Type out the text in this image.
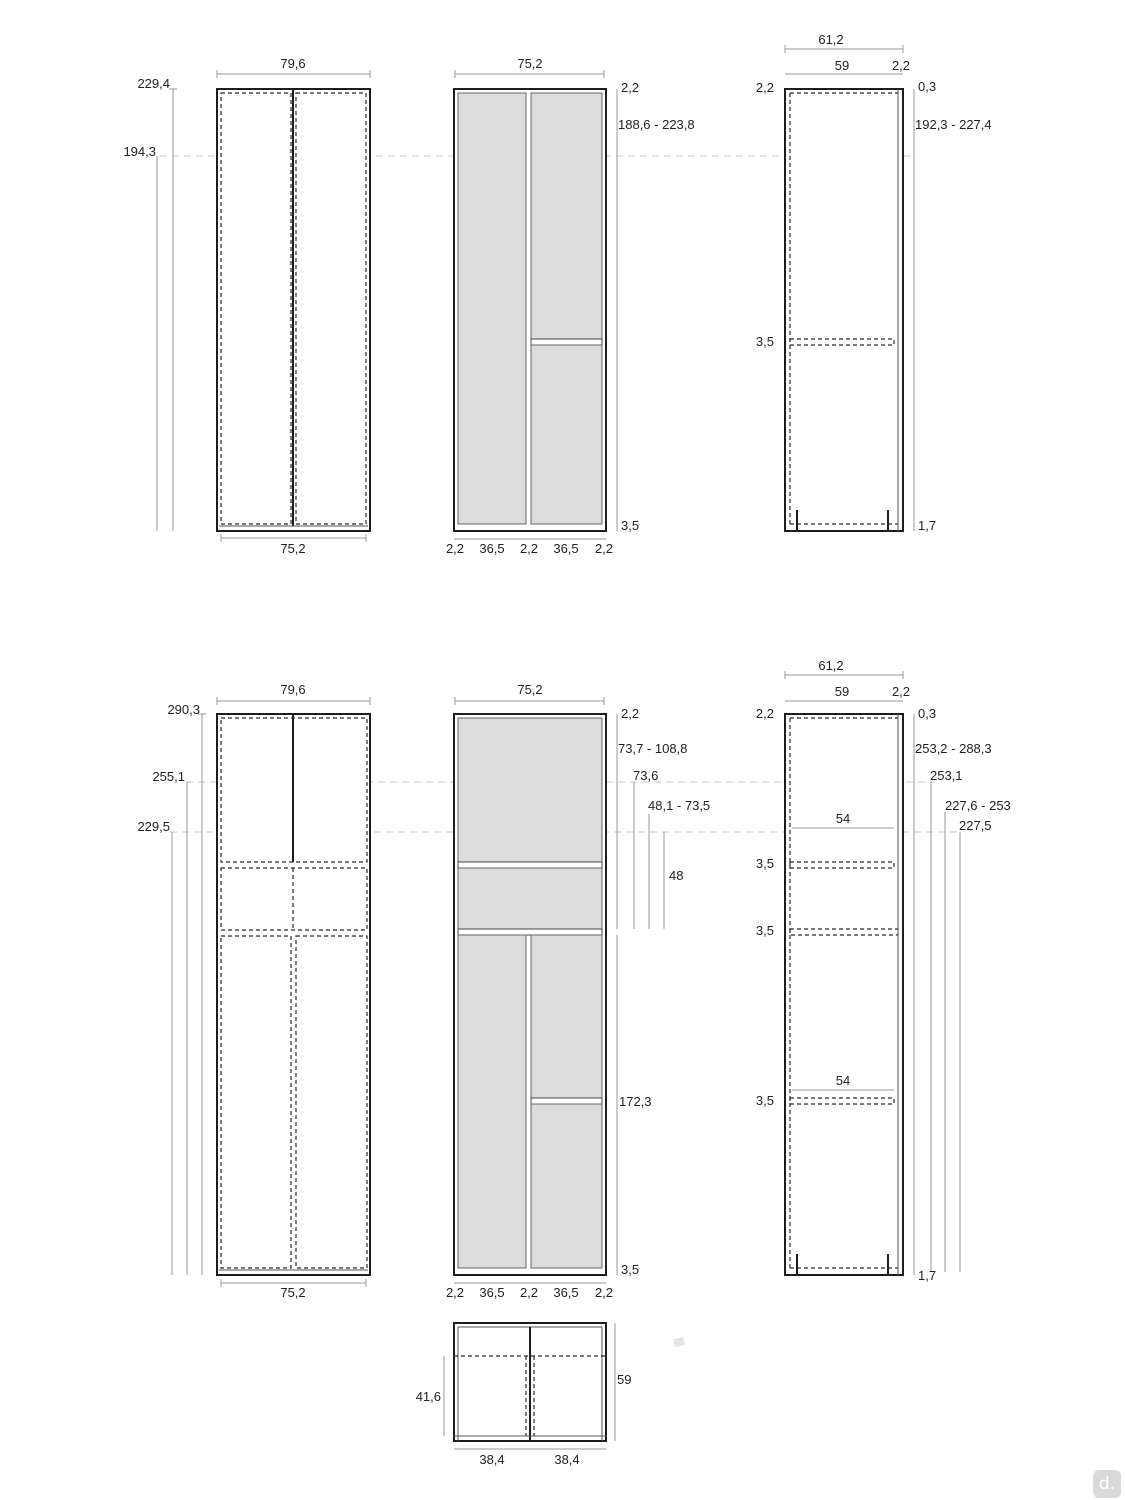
79,6
229,4
194,3
75,2
75,2
2,2
188,6 - 223,8
3,5
2,2 36,5 2,2 36,5 2,2
61,2
59	2,2
2,2	0,3
192,3 - 227,4
3,5
1,7
79,6
290,3
255,1
229,5
75,2
75,2
2,2
73,7 - 108,8
73,6
48,1 - 73,5
48
172,3
3,5
2,2 36,5 2,2 36,5 2,2
61,2
59	2,2
54
54
2,2
3,5
3,5
3,5
0,3
253,2 - 288,3
253,1
227,6 - 253
227,5
1,7
59
41,6
38,4	38,4
d.
